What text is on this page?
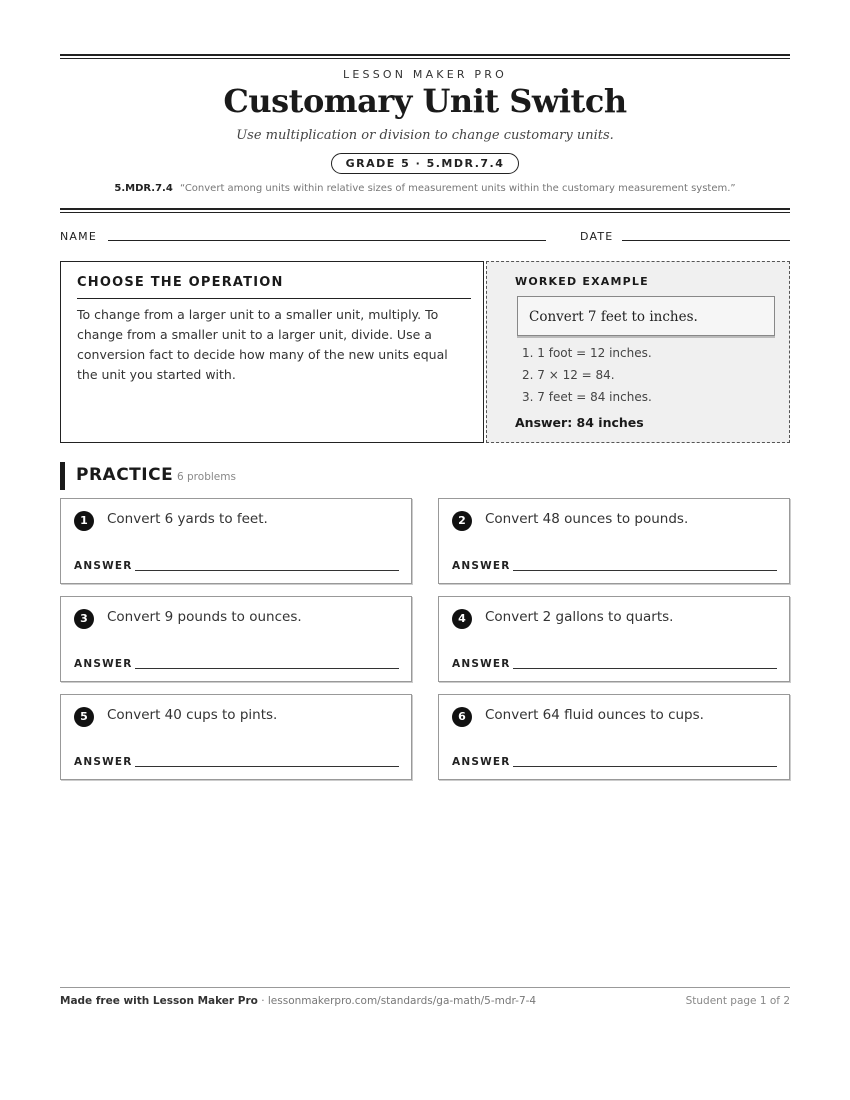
LESSON MAKER PRO
Customary Unit Switch
Use multiplication or division to change customary units.
GRADE 5 · 5.MDR.7.4
5.MDR.7.4 “Convert among units within relative sizes of measurement units within the customary measurement system.”
NAME	DATE
CHOOSE THE OPERATION
To change from a larger unit to a smaller unit, multiply. To change from a smaller unit to a larger unit, divide. Use a conversion fact to decide how many of the new units equal the unit you started with.
WORKED EXAMPLE
Convert 7 feet to inches.
1. 1 foot = 12 inches.
2. 7 × 12 = 84.
3. 7 feet = 84 inches.
Answer: 84 inches
PRACTICE 6 problems
1	Convert 6 yards to feet.
ANSWER
2	Convert 48 ounces to pounds.
ANSWER
3	Convert 9 pounds to ounces.
ANSWER
4	Convert 2 gallons to quarts.
ANSWER
5	Convert 40 cups to pints.
ANSWER
6	Convert 64 fluid ounces to cups.
ANSWER
Made free with Lesson Maker Pro · lessonmakerpro.com/standards/ga-math/5-mdr-7-4	Student page 1 of 2
